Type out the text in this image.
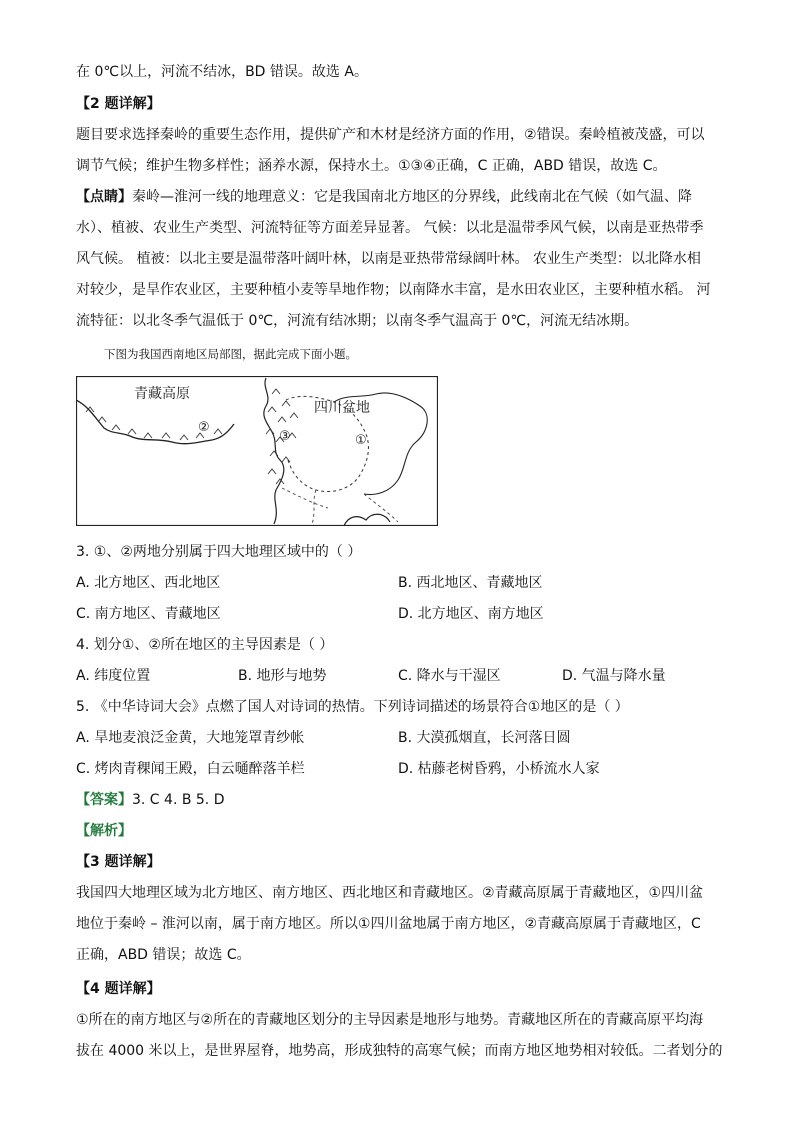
在 0℃以上，河流不结冰，BD 错误。故选 A。
【2 题详解】
题目要求选择秦岭的重要生态作用，提供矿产和木材是经济方面的作用，②错误。秦岭植被茂盛，可以
调节气候；维护生物多样性；涵养水源，保持水土。①③④正确，C 正确，ABD 错误，故选 C。
【点睛】秦岭—淮河一线的地理意义：它是我国南北方地区的分界线，此线南北在气候（如气温、降
水）、植被、农业生产类型、河流特征等方面差异显著。 气候：以北是温带季风气候，以南是亚热带季
风气候。 植被：以北主要是温带落叶阔叶林，以南是亚热带常绿阔叶林。 农业生产类型：以北降水相
对较少，是旱作农业区，主要种植小麦等旱地作物；以南降水丰富，是水田农业区，主要种植水稻。 河
流特征：以北冬季气温低于 0℃，河流有结冰期；以南冬季气温高于 0℃，河流无结冰期。
下图为我国西南地区局部图，据此完成下面小题。
青藏高原
四川盆地
②
③	①
3. ①、②两地分别属于四大地理区域中的（ ）
A. 北方地区、西北地区	B. 西北地区、青藏地区
C. 南方地区、青藏地区	D. 北方地区、南方地区
4. 划分①、②所在地区的主导因素是（ ）
A. 纬度位置	B. 地形与地势	C. 降水与干湿区	D. 气温与降水量
5. 《中华诗词大会》点燃了国人对诗词的热情。下列诗词描述的场景符合①地区的是（ ）
A. 旱地麦浪泛金黄，大地笼罩青纱帐	B. 大漠孤烟直，长河落日圆
C. 烤肉青稞闻王殿，白云嗵醉落羊栏	D. 枯藤老树昏鸦，小桥流水人家
【答案】3. C 4. B 5. D
【解析】
【3 题详解】
我国四大地理区域为北方地区、南方地区、西北地区和青藏地区。②青藏高原属于青藏地区，①四川盆
地位于秦岭 – 淮河以南，属于南方地区。所以①四川盆地属于南方地区，②青藏高原属于青藏地区，C
正确，ABD 错误；故选 C。
【4 题详解】
①所在的南方地区与②所在的青藏地区划分的主导因素是地形与地势。青藏地区所在的青藏高原平均海
拔在 4000 米以上，是世界屋脊，地势高，形成独特的高寒气候；而南方地区地势相对较低。二者划分的
